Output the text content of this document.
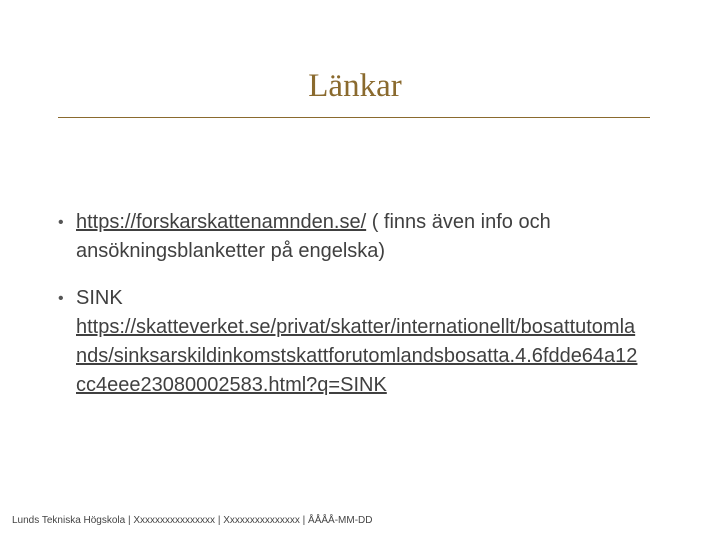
Länkar
• https://forskarskattenamnden.se/ ( finns även info och ansökningsblanketter på engelska)
• SINK
https://skatteverket.se/privat/skatter/internationellt/bosattutomlands/sinksarskildinkomstskattforutomlandsbosatta.4.6fdde64a12cc4eee23080002583.html?q=SINK
Lunds Tekniska Högskola | Xxxxxxxxxxxxxxxx | Xxxxxxxxxxxxxxx | ÅÅÅÅ-MM-DD
